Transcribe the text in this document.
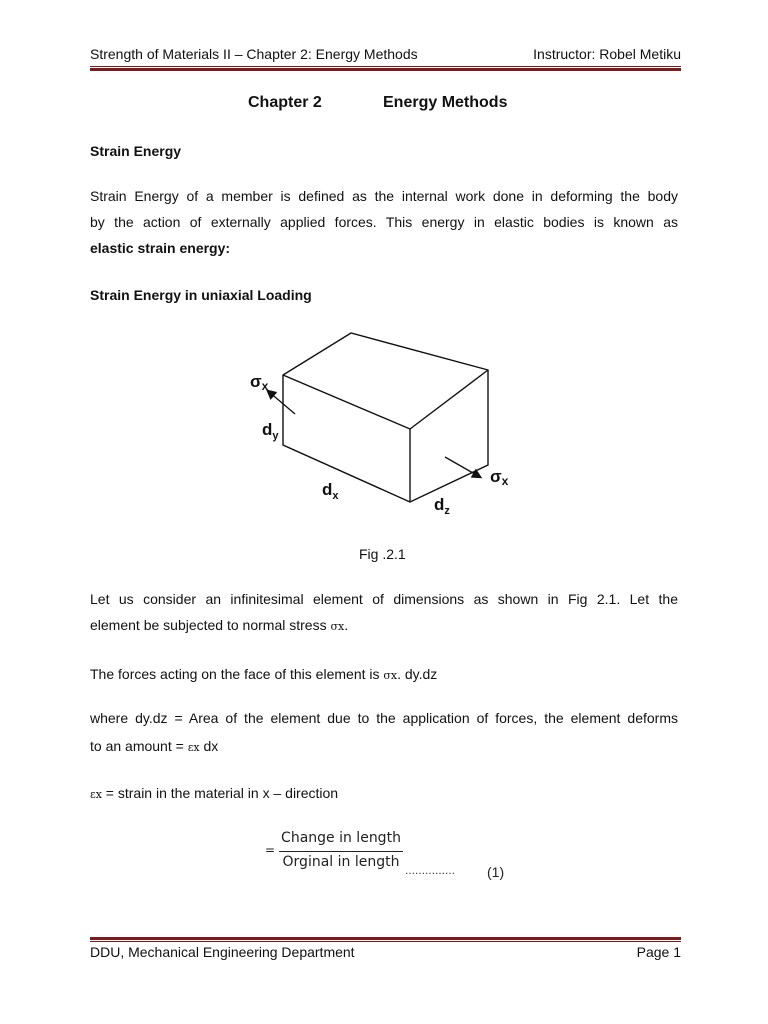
Strength of Materials II – Chapter 2: Energy Methods	Instructor: Robel Metiku
Chapter 2	Energy Methods
Strain Energy
Strain Energy of a member is defined as the internal work done in deforming the body
by the action of externally applied forces. This energy in elastic bodies is known as
elastic strain energy:
Strain Energy in uniaxial Loading
σx
$d_y$
$d_x$	$d_z$
σx
Fig .2.1
Let us consider an infinitesimal element of dimensions as shown in Fig 2.1. Let the
element be subjected to normal stress σx.
The forces acting on the face of this element is σx. dy.dz
where dy.dz = Area of the element due to the application of forces, the element deforms
to an amount = εx dx
εx = strain in the material in x – direction
=
Change in length
Orginal in length
…………… (1)
DDU, Mechanical Engineering Department	Page 1
